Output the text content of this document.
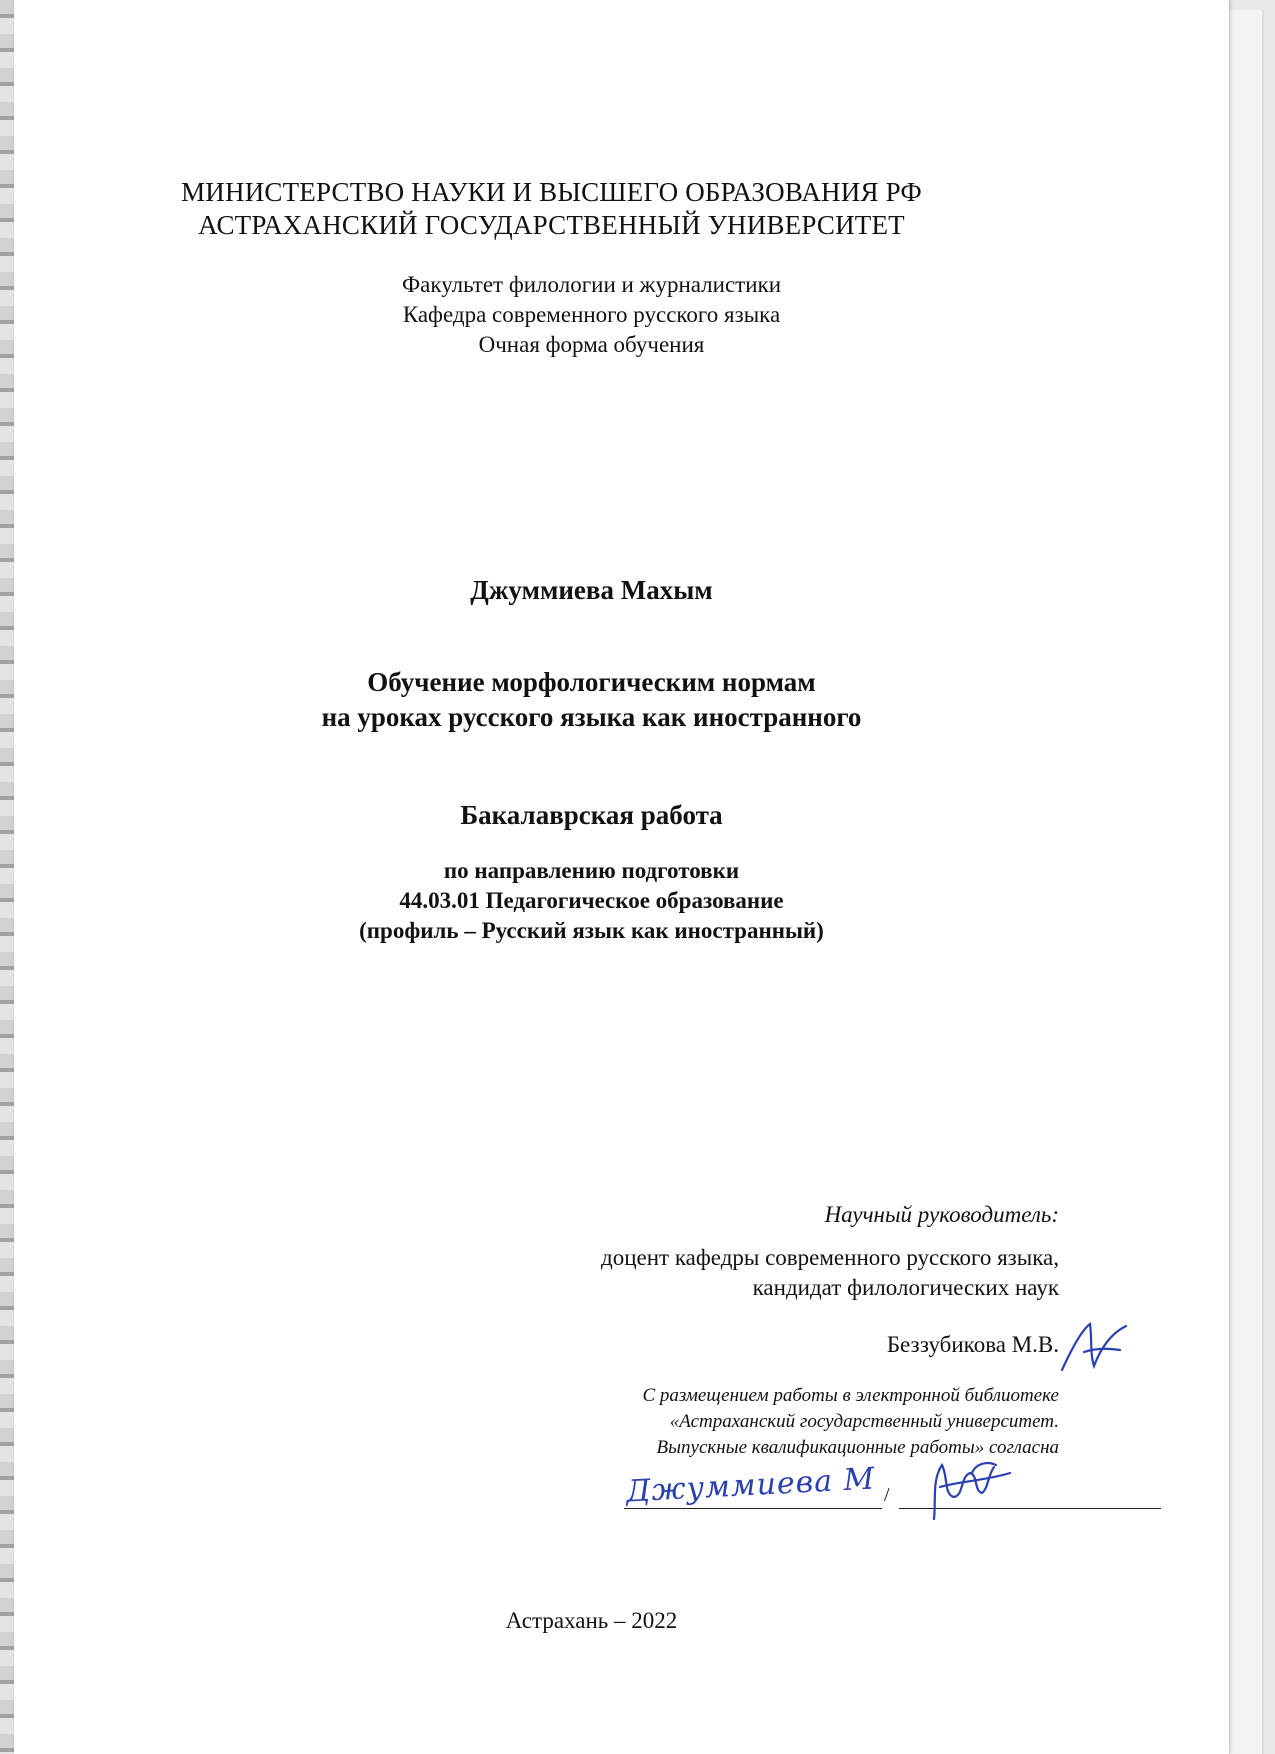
МИНИСТЕРСТВО НАУКИ И ВЫСШЕГО ОБРАЗОВАНИЯ РФ
АСТРАХАНСКИЙ ГОСУДАРСТВЕННЫЙ УНИВЕРСИТЕТ
Факультет филологии и журналистики
Кафедра современного русского языка
Очная форма обучения
Джуммиева Махым
Обучение морфологическим нормам
на уроках русского языка как иностранного
Бакалаврская работа
по направлению подготовки
44.03.01 Педагогическое образование
(профиль – Русский язык как иностранный)
Научный руководитель:
доцент кафедры современного русского языка,
кандидат филологических наук
Беззубикова М.В.
С размещением работы в электронной библиотеке
«Астраханский государственный университет.
Выпускные квалификационные работы» согласна
Джуммиева М /
Астрахань – 2022
